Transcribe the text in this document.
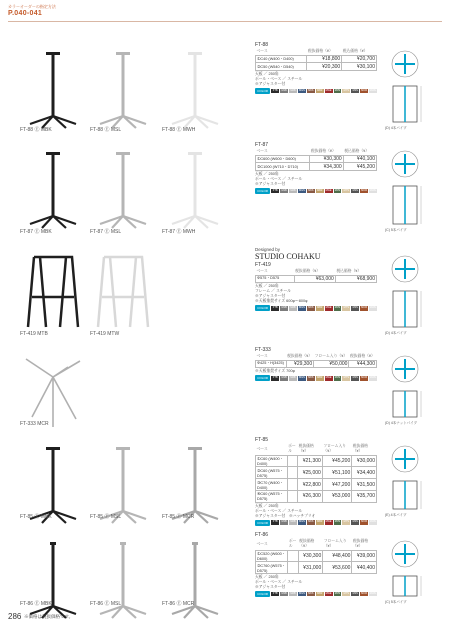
カラーオーダーの指定方法
P.040-041
FT-88 Ⓔ MBK	FT-88 Ⓔ MSL	FT-88 Ⓔ MWH
FT-88
ベース	税抜価格（¥）	税込価格（¥）
①C40 (W400・D400)	¥18,800	¥20,700
②C50 (W540・D540)	¥20,300	¥30,100
天板 ／ 250角
ポール・ベース ／ スチール
※アジャスター付
COLOR	FTB	M1B	M2B	MGS	M6S	MBZ	MGE	M3S	M7S	M1S	MCR	MWH
(D) 4本パイプ
FT-87 Ⓔ MBK	FT-87 Ⓔ MSL	FT-87 Ⓔ MWH
FT-87
ベース	税抜価格（¥）	税込価格（¥）
①C600 (W600・D600)	¥30,300	¥40,100
②C1000 (W710・D710)	¥34,300	¥45,200
天板 ／ 250角
ポール・ベース ／ スチール
※アジャスター付
COLOR	FTB	M1B	M2B	MGS	M6S	MBZ	MGE	M3S	M7S	M1S	MCR	MWH
(C) 5本パイプ
FT-419 MTB	FT-419 MTW
Designed by
STUDIO COHAKU
FT-419
ベース	税抜価格（¥）	税込価格（¥）
Φ575・D575	¥63,000	¥68,900
天板 ／ 250角
フレーム ／ スチール
※アジャスター付
※天板推奨サイズ 600φ〜800φ
COLOR	FTB	M1B	M2B	MGS	M6S	MBZ	MGE	M3S	M7S	M1S	MCR	MWH
(D) 4本パイプ
FT-333 MCR
FT-333
ベース	税抜価格（¥）	フローム入り（¥）	税抜価格（¥）
Φ425・H(3425)	¥29,300	¥50,000	¥44,300
※天板推奨サイズ 700φ
COLOR	FTB	M1B	M2B	MGS	M6S	MBZ	MGE	M3S	M7S	M1S	MCR	MWH
(D) 4本ナットパイプ
FT-85 Ⓔ MBK	FT-85 Ⓔ MSL	FT-85 Ⓔ MCR
FT-85
ベース	ポール	税抜価格（¥）	フローム入り（¥）	税抜価格（¥）
①C60 (W400・D400)		¥21,300	¥45,200	¥30,000
②C60 (W575・D575)		¥25,000	¥51,100	¥34,400
③C70 (W400・D400)		¥22,800	¥47,200	¥31,500
④C60 (W575・D575)		¥26,300	¥53,000	¥35,700
天板 ／ 250角
ポール・ベース ／ スチール
※アジャスター付　※ハッチプリオ
COLOR	FTB	M1B	M2B	MGS	M6S	MBZ	MGE	M3S	M7S	M1S	MCR	MWH
(E) 4本パイプ
FT-86 Ⓔ MBK	FT-86 Ⓔ MSL	FT-86 Ⓔ MCR
FT-86
ベース	ポール	税抜価格（¥）	フローム入り（¥）	税抜価格（¥）
①C520 (W600・D600)		¥30,300	¥48,400	¥39,000
②C760 (W575・D575)		¥31,000	¥53,600	¥40,400
天板 ／ 250角
ポール・ベース ／ スチール
※アジャスター付
COLOR	FTB	M1B	M2B	MGS	M6S	MBZ	MGE	M3S	M7S	M1S	MCR	MWH
(C) 5本パイプ
286 ※価格は税抜価格です。
